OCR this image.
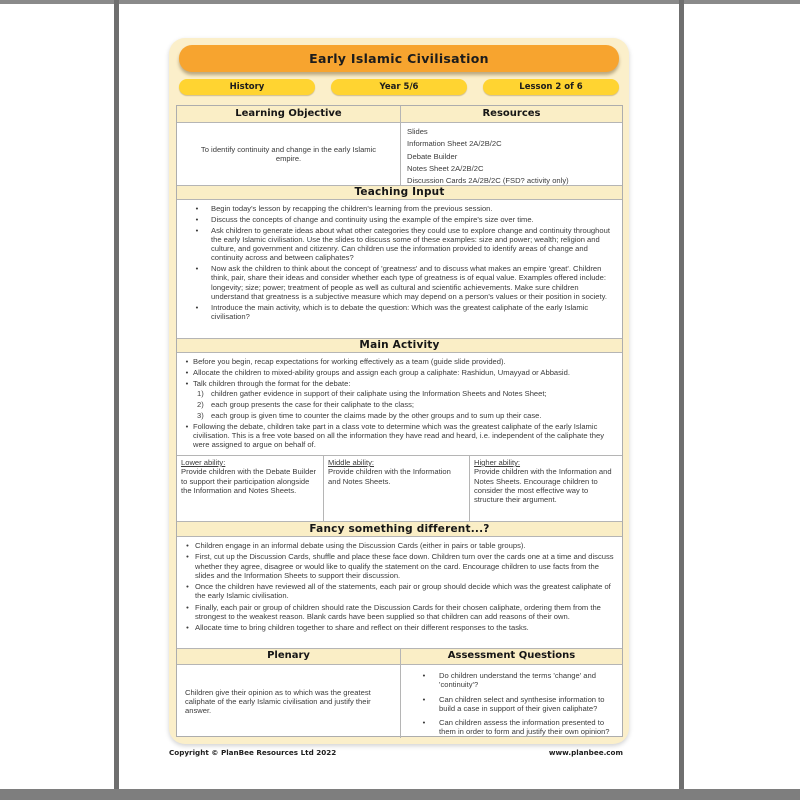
Early Islamic Civilisation
History	Year 5/6	Lesson 2 of 6
Learning Objective	Resources
To identify continuity and change in the early Islamic empire.
Slides
Information Sheet 2A/2B/2C
Debate Builder
Notes Sheet 2A/2B/2C
Discussion Cards 2A/2B/2C (FSD? activity only)
Teaching Input
•	Begin today's lesson by recapping the children's learning from the previous session.
•	Discuss the concepts of change and continuity using the example of the empire's size over time.
•	Ask children to generate ideas about what other categories they could use to explore change and continuity throughout the early Islamic civilisation. Use the slides to discuss some of these examples: size and power; wealth; religion and culture, and government and citizenry. Can children use the information provided to identify areas of change and continuity across and between caliphates?
•	Now ask the children to think about the concept of 'greatness' and to discuss what makes an empire 'great'. Children think, pair, share their ideas and consider whether each type of greatness is of equal value. Examples offered include: longevity; size; power; treatment of people as well as cultural and scientific achievements. Make sure children understand that greatness is a subjective measure which may depend on a person's values or their position in society.
•	Introduce the main activity, which is to debate the question: Which was the greatest caliphate of the early Islamic civilisation?
Main Activity
• Before you begin, recap expectations for working effectively as a team (guide slide provided).
• Allocate the children to mixed-ability groups and assign each group a caliphate: Rashidun, Umayyad or Abbasid.
• Talk children through the format for the debate:
1) children gather evidence in support of their caliphate using the Information Sheets and Notes Sheet;
2) each group presents the case for their caliphate to the class;
3) each group is given time to counter the claims made by the other groups and to sum up their case.
• Following the debate, children take part in a class vote to determine which was the greatest caliphate of the early Islamic civilisation. This is a free vote based on all the information they have read and heard, i.e. independent of the caliphate they were assigned to argue on behalf of.
Lower ability:
Provide children with the Debate Builder to support their participation alongside the Information and Notes Sheets.
Middle ability:
Provide children with the Information and Notes Sheets.
Higher ability:
Provide children with the Information and Notes Sheets. Encourage children to consider the most effective way to structure their argument.
Fancy something different...?
• Children engage in an informal debate using the Discussion Cards (either in pairs or table groups).
• First, cut up the Discussion Cards, shuffle and place these face down. Children turn over the cards one at a time and discuss whether they agree, disagree or would like to qualify the statement on the card. Encourage children to use facts from the slides and the Information Sheets to support their discussion.
• Once the children have reviewed all of the statements, each pair or group should decide which was the greatest caliphate of the early Islamic civilisation.
• Finally, each pair or group of children should rate the Discussion Cards for their chosen caliphate, ordering them from the strongest to the weakest reason. Blank cards have been supplied so that children can add reasons of their own.
• Allocate time to bring children together to share and reflect on their different responses to the tasks.
Plenary	Assessment Questions
Children give their opinion as to which was the greatest caliphate of the early Islamic civilisation and justify their answer.
•	Do children understand the terms 'change' and 'continuity'?
•	Can children select and synthesise information to build a case in support of their given caliphate?
•	Can children assess the information presented to them in order to form and justify their own opinion?
Copyright © PlanBee Resources Ltd 2022	www.planbee.com
